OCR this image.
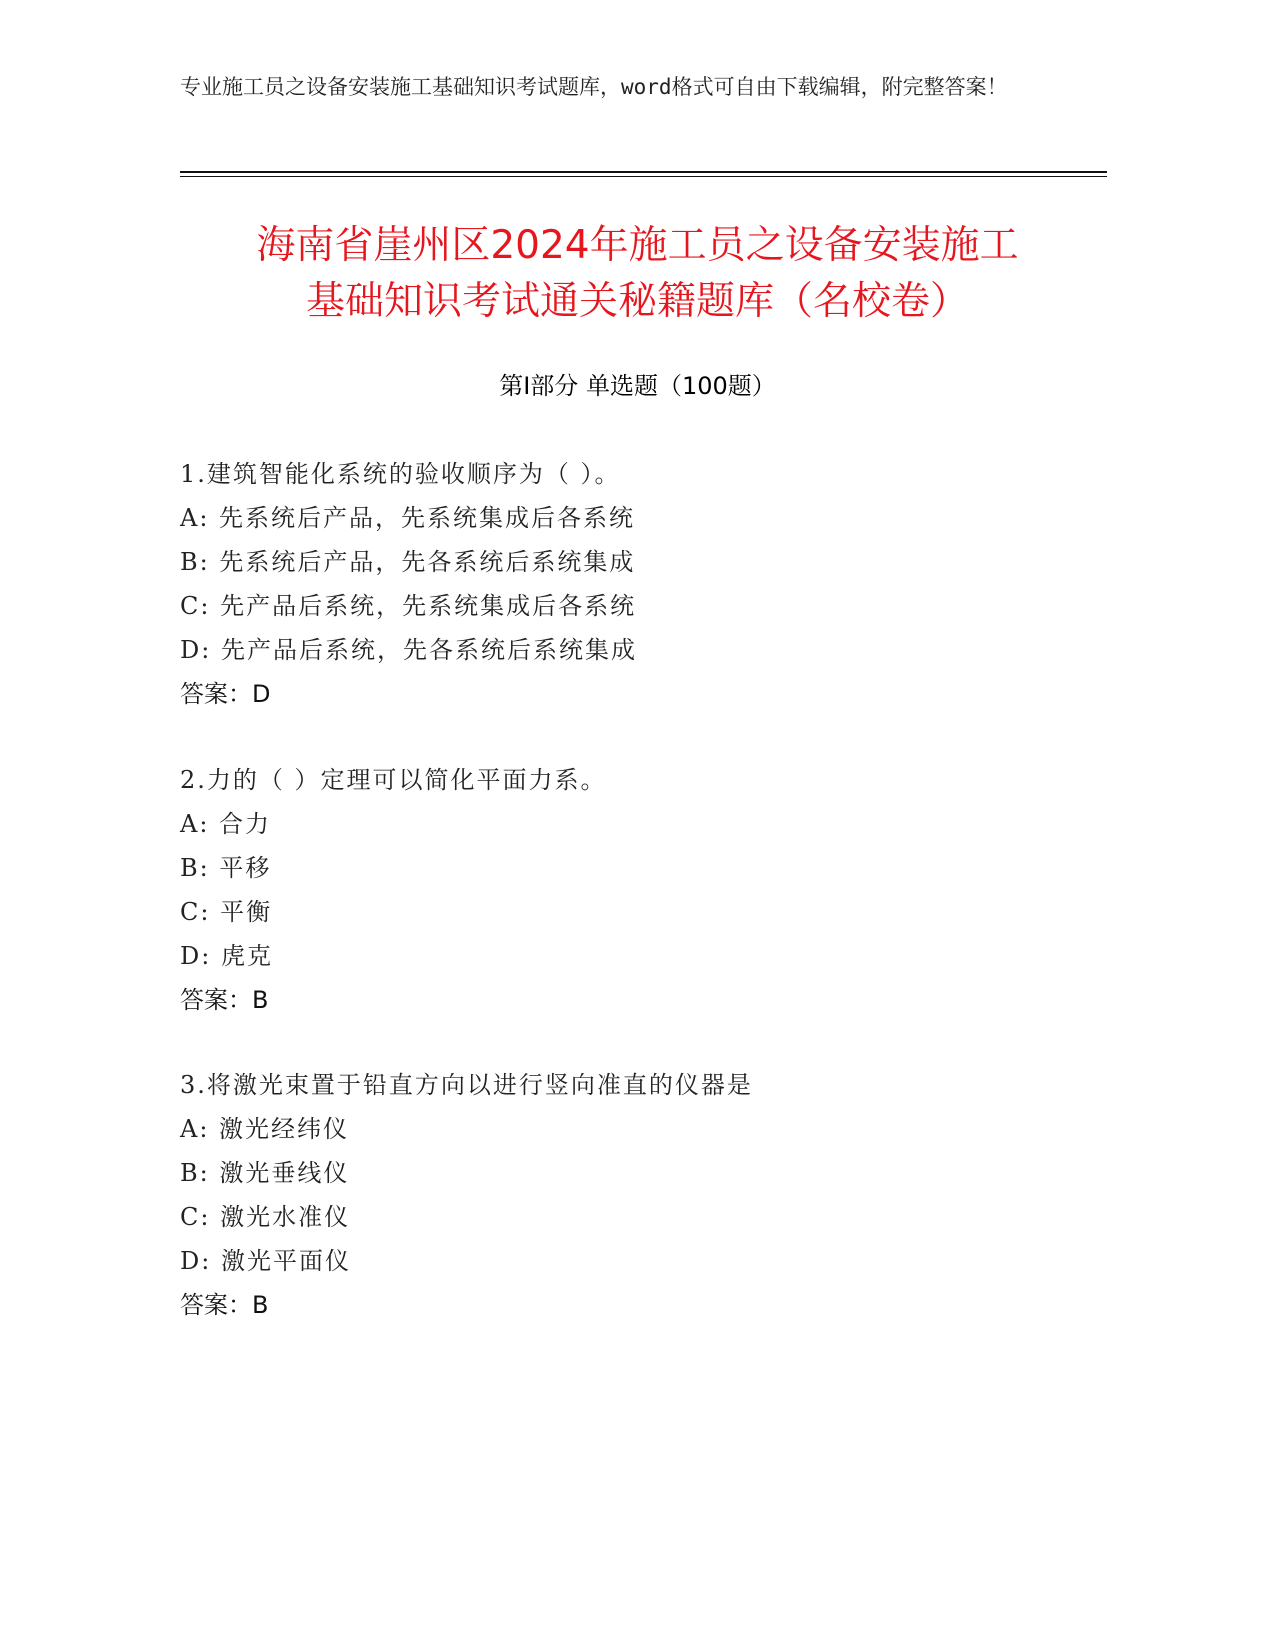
专业施工员之设备安装施工基础知识考试题库，word格式可自由下载编辑，附完整答案！
海南省崖州区2024年施工员之设备安装施工
基础知识考试通关秘籍题库（名校卷）
第Ⅰ部分 单选题（100题）
1.建筑智能化系统的验收顺序为（ ）。
A: 先系统后产品，先系统集成后各系统
B: 先系统后产品，先各系统后系统集成
C: 先产品后系统，先系统集成后各系统
D: 先产品后系统，先各系统后系统集成
答案：D
2.力的（ ）定理可以简化平面力系。
A: 合力
B: 平移
C: 平衡
D: 虎克
答案：B
3.将激光束置于铅直方向以进行竖向准直的仪器是
A: 激光经纬仪
B: 激光垂线仪
C: 激光水准仪
D: 激光平面仪
答案：B
